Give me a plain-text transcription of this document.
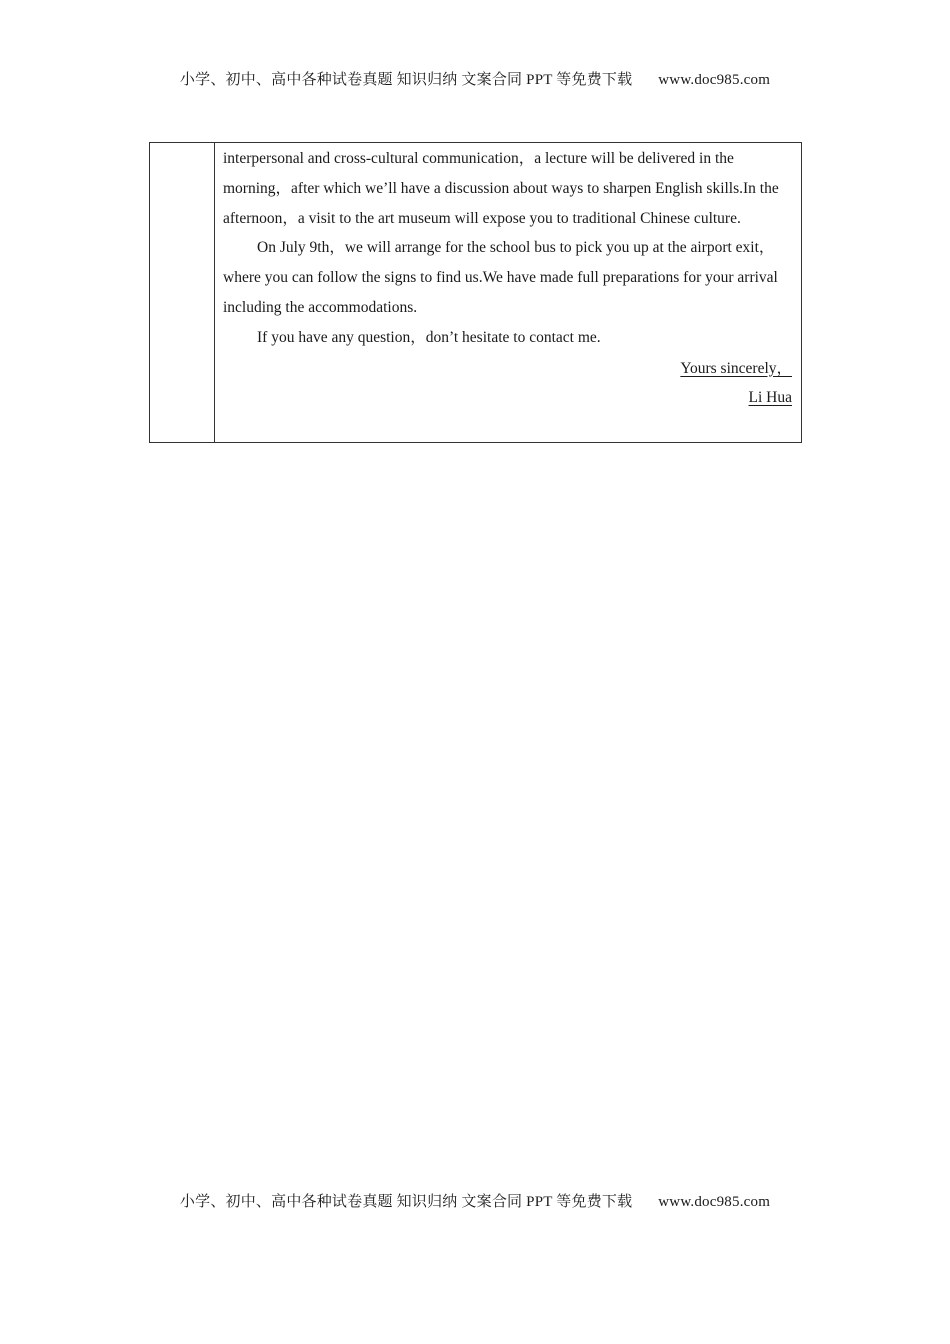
小学、初中、高中各种试卷真题 知识归纳 文案合同 PPT 等免费下载 www.doc985.com

interpersonal and cross-cultural communication，a lecture will be delivered in the morning，after which we’ll have a discussion about ways to sharpen English skills.In the afternoon，a visit to the art museum will expose you to traditional Chinese culture.

On July 9th，we will arrange for the school bus to pick you up at the airport exit，where you can follow the signs to find us.We have made full preparations for your arrival including the accommodations.

If you have any question，don’t hesitate to contact me.

Yours sincerely，

Li Hua

小学、初中、高中各种试卷真题 知识归纳 文案合同 PPT 等免费下载 www.doc985.com
